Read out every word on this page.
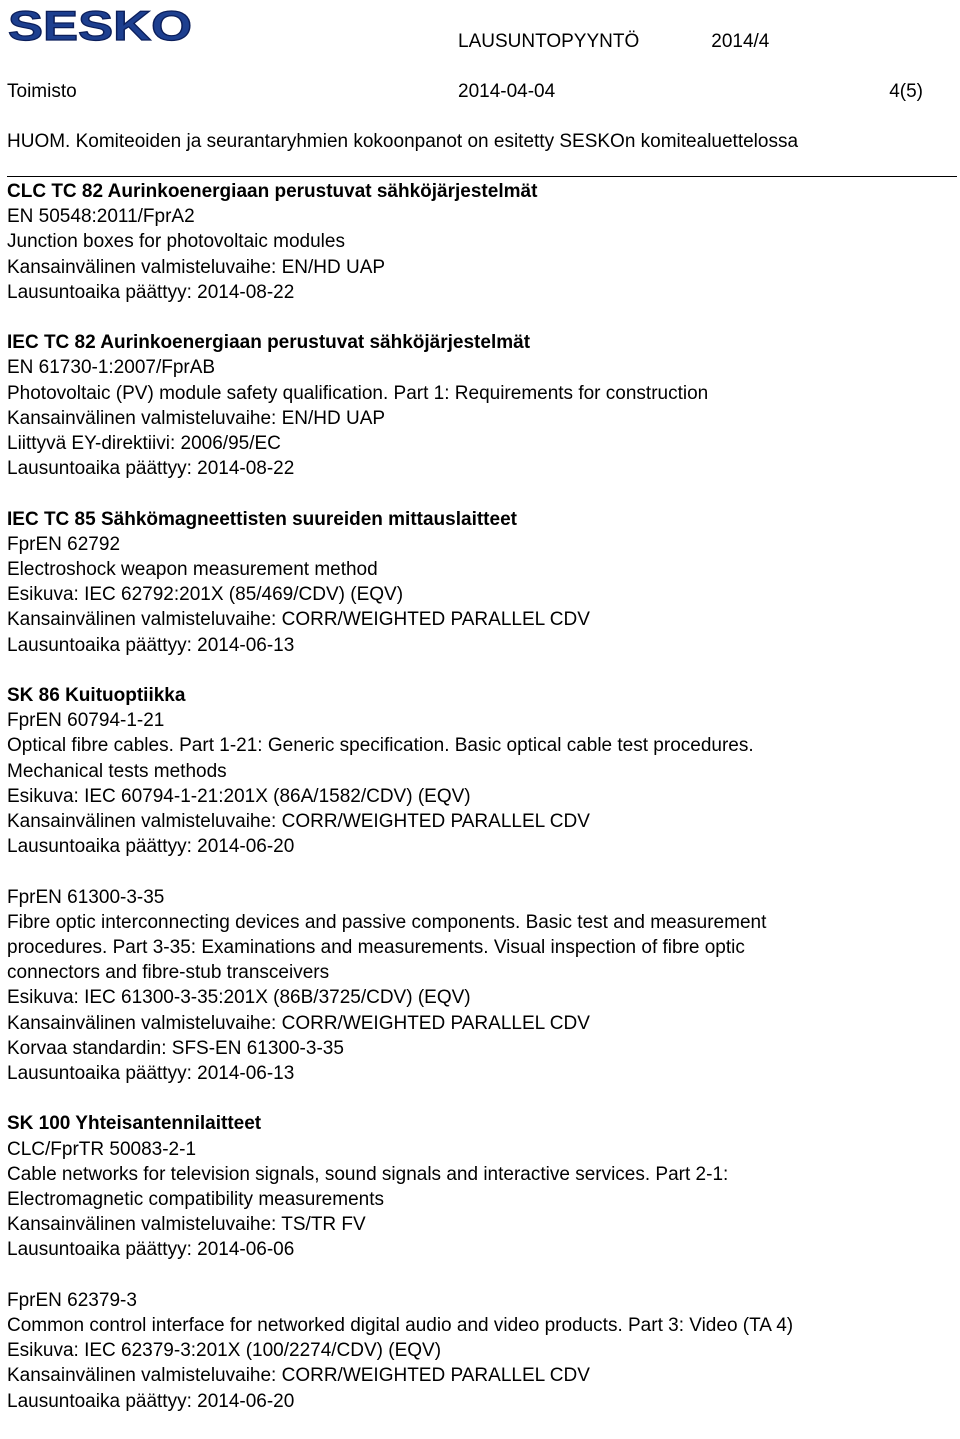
SESKO	LAUSUNTOPYYNTÖ	2014/4
Toimisto	2014-04-04	4(5)
HUOM. Komiteoiden ja seurantaryhmien kokoonpanot on esitetty SESKOn komitealuettelossa
CLC TC 82 Aurinkoenergiaan perustuvat sähköjärjestelmät
EN 50548:2011/FprA2
Junction boxes for photovoltaic modules
Kansainvälinen valmisteluvaihe: EN/HD UAP
Lausuntoaika päättyy: 2014-08-22
IEC TC 82 Aurinkoenergiaan perustuvat sähköjärjestelmät
EN 61730-1:2007/FprAB
Photovoltaic (PV) module safety qualification. Part 1: Requirements for construction
Kansainvälinen valmisteluvaihe: EN/HD UAP
Liittyvä EY-direktiivi: 2006/95/EC
Lausuntoaika päättyy: 2014-08-22
IEC TC 85 Sähkömagneettisten suureiden mittauslaitteet
FprEN 62792
Electroshock weapon measurement method
Esikuva: IEC 62792:201X (85/469/CDV) (EQV)
Kansainvälinen valmisteluvaihe: CORR/WEIGHTED PARALLEL CDV
Lausuntoaika päättyy: 2014-06-13
SK 86 Kuituoptiikka
FprEN 60794-1-21
Optical fibre cables. Part 1-21: Generic specification. Basic optical cable test procedures.
Mechanical tests methods
Esikuva: IEC 60794-1-21:201X (86A/1582/CDV) (EQV)
Kansainvälinen valmisteluvaihe: CORR/WEIGHTED PARALLEL CDV
Lausuntoaika päättyy: 2014-06-20
FprEN 61300-3-35
Fibre optic interconnecting devices and passive components. Basic test and measurement
procedures. Part 3-35: Examinations and measurements. Visual inspection of fibre optic
connectors and fibre-stub transceivers
Esikuva: IEC 61300-3-35:201X (86B/3725/CDV) (EQV)
Kansainvälinen valmisteluvaihe: CORR/WEIGHTED PARALLEL CDV
Korvaa standardin: SFS-EN 61300-3-35
Lausuntoaika päättyy: 2014-06-13
SK 100 Yhteisantennilaitteet
CLC/FprTR 50083-2-1
Cable networks for television signals, sound signals and interactive services. Part 2-1:
Electromagnetic compatibility measurements
Kansainvälinen valmisteluvaihe: TS/TR FV
Lausuntoaika päättyy: 2014-06-06
FprEN 62379-3
Common control interface for networked digital audio and video products. Part 3: Video (TA 4)
Esikuva: IEC 62379-3:201X (100/2274/CDV) (EQV)
Kansainvälinen valmisteluvaihe: CORR/WEIGHTED PARALLEL CDV
Lausuntoaika päättyy: 2014-06-20
